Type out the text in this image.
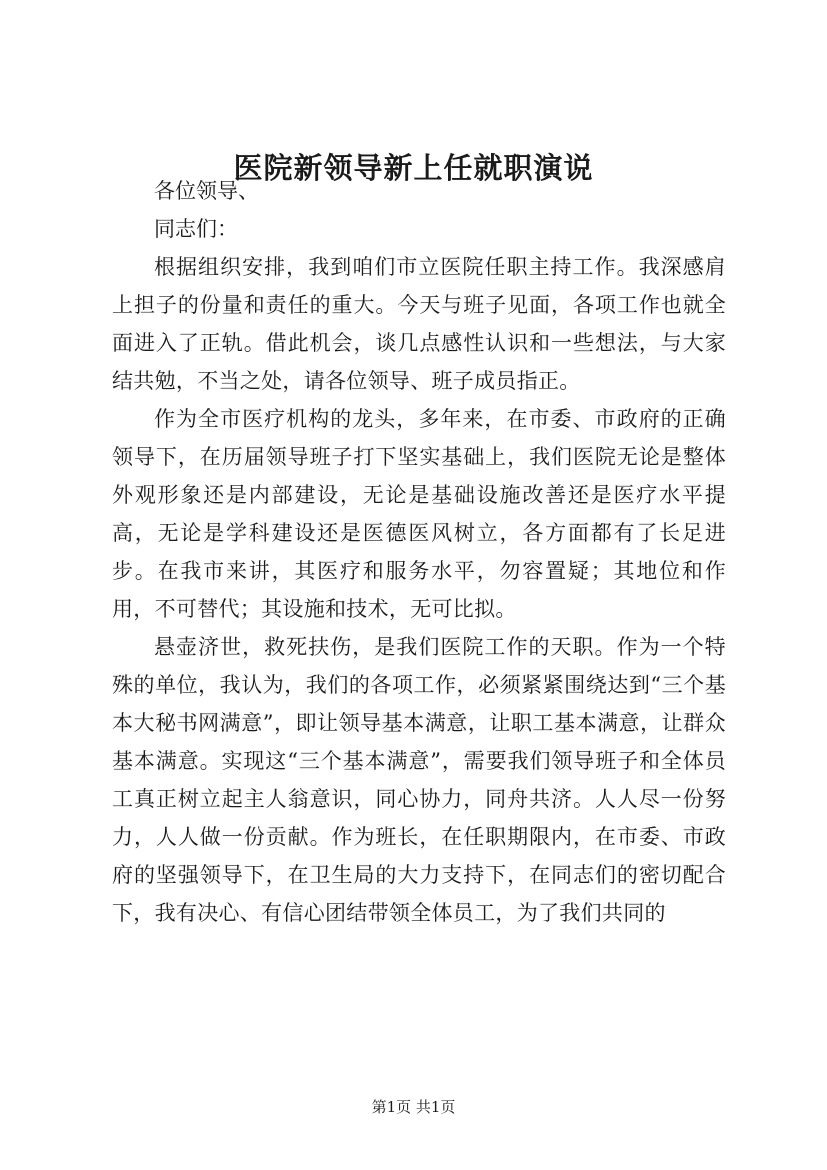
医院新领导新上任就职演说

各位领导、

同志们：

根据组织安排，我到咱们市立医院任职主持工作。我深感肩上担子的份量和责任的重大。今天与班子见面，各项工作也就全面进入了正轨。借此机会，谈几点感性认识和一些想法，与大家结共勉，不当之处，请各位领导、班子成员指正。

作为全市医疗机构的龙头，多年来，在市委、市政府的正确领导下，在历届领导班子打下坚实基础上，我们医院无论是整体外观形象还是内部建设，无论是基础设施改善还是医疗水平提高，无论是学科建设还是医德医风树立，各方面都有了长足进步。在我市来讲，其医疗和服务水平，勿容置疑；其地位和作用，不可替代；其设施和技术，无可比拟。

悬壶济世，救死扶伤，是我们医院工作的天职。作为一个特殊的单位，我认为，我们的各项工作，必须紧紧围绕达到“三个基本大秘书网满意”，即让领导基本满意，让职工基本满意，让群众基本满意。实现这“三个基本满意”，需要我们领导班子和全体员工真正树立起主人翁意识，同心协力，同舟共济。人人尽一份努力，人人做一份贡献。作为班长，在任职期限内，在市委、市政府的坚强领导下，在卫生局的大力支持下，在同志们的密切配合下，我有决心、有信心团结带领全体员工，为了我们共同的

第1页 共1页
